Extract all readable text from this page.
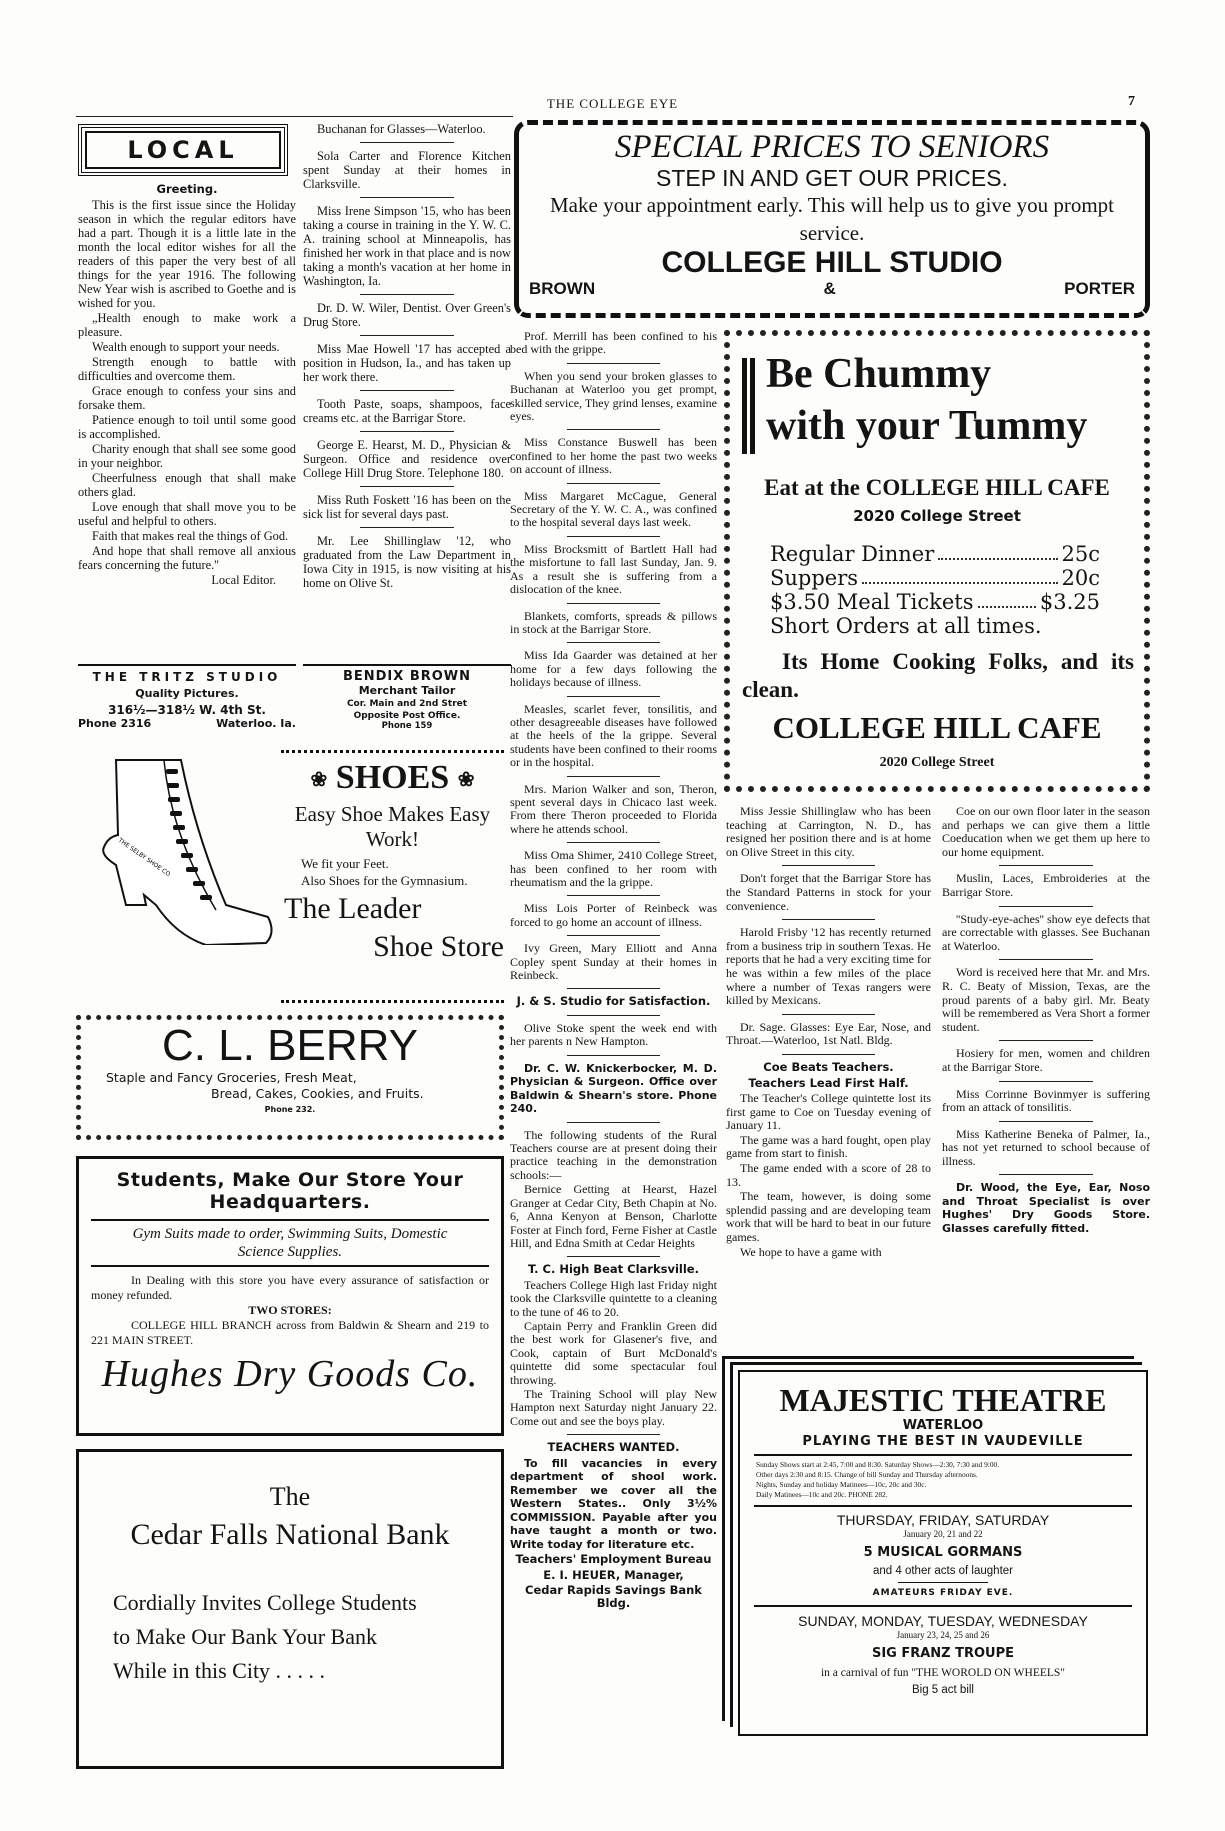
THE COLLEGE EYE	7
LOCAL

Greeting.

This is the first issue since the Holiday season in which the regular editors have had a part. Though it is a little late in the month the local editor wishes for all the readers of this paper the very best of all things for the year 1916. The following New Year wish is ascribed to Goethe and is wished for you.

„Health enough to make work a pleasure.

Wealth enough to support your needs.

Strength enough to battle with difficulties and overcome them.

Grace enough to confess your sins and forsake them.

Patience enough to toil until some good is accomplished.

Charity enough that shall see some good in your neighbor.

Cheerfulness enough that shall make others glad.

Love enough that shall move you to be useful and helpful to others.

Faith that makes real the things of God.

And hope that shall remove all anxious fears concerning the future.''

Local Editor.

Buchanan for Glasses—Waterloo.

Sola Carter and Florence Kitchen spent Sunday at their homes in Clarksville.

Miss Irene Simpson '15, who has been taking a course in training in the Y. W. C. A. training school at Minneapolis, has finished her work in that place and is now taking a month's vacation at her home in Washington, Ia.

Dr. D. W. Wiler, Dentist. Over Green's Drug Store.

Miss Mae Howell '17 has accepted a position in Hudson, Ia., and has taken up her work there.

Tooth Paste, soaps, shampoos, face creams etc. at the Barrigar Store.

George E. Hearst, M. D., Physician & Surgeon. Office and residence over College Hill Drug Store. Telephone 180.

Miss Ruth Foskett '16 has been on the sick list for several days past.

Mr. Lee Shillinglaw '12, who graduated from the Law Department in Iowa City in 1915, is now visiting at his home on Olive St.

THE TRITZ STUDIO
Quality Pictures.
316½—318½ W. 4th St.
Phone 2316	Waterloo. Ia.
BENDIX BROWN
Merchant Tailor
Cor. Main and 2nd Stret
Opposite Post Office.
Phone 159
THE SELBY SHOE CO
❀ SHOES ❀
Easy Shoe Makes Easy Work!
We fit your Feet.
Also Shoes for the Gymnasium.
The Leader
Shoe Store
C. L. BERRY
Staple and Fancy Groceries, Fresh Meat,
Bread, Cakes, Cookies, and Fruits.
Phone 232.
Students, Make Our Store Your Headquarters.
Gym Suits made to order, Swimming Suits, Domestic Science Supplies.
In Dealing with this store you have every assurance of satisfaction or money refunded.
TWO STORES:
COLLEGE HILL BRANCH across from Baldwin & Shearn and 219 to 221 MAIN STREET.
Hughes Dry Goods Co.
The
Cedar Falls National Bank
Cordially Invites College Students
to Make Our Bank Your Bank
While in this City . . . . .

Prof. Merrill has been confined to his bed with the grippe.

When you send your broken glasses to Buchanan at Waterloo you get prompt, skilled service, They grind lenses, examine eyes.

Miss Constance Buswell has been confined to her home the past two weeks on account of illness.

Miss Margaret McCague, General Secretary of the Y. W. C. A., was confined to the hospital several days last week.

Miss Brocksmitt of Bartlett Hall had the misfortune to fall last Sunday, Jan. 9. As a result she is suffering from a dislocation of the knee.

Blankets, comforts, spreads & pillows in stock at the Barrigar Store.

Miss Ida Gaarder was detained at her home for a few days following the holidays because of illness.

Measles, scarlet fever, tonsilitis, and other desagreeable diseases have followed at the heels of the la grippe. Several students have been confined to their rooms or in the hospital.

Mrs. Marion Walker and son, Theron, spent several days in Chicaco last week. From there Theron proceeded to Florida where he attends school.

Miss Oma Shimer, 2410 College Street, has been confined to her room with rheumatism and the la grippe.

Miss Lois Porter of Reinbeck was forced to go home an account of illness.

Ivy Green, Mary Elliott and Anna Copley spent Sunday at their homes in Reinbeck.

J. & S. Studio for Satisfaction.

Olive Stoke spent the week end with her parents n New Hampton.

Dr. C. W. Knickerbocker, M. D. Physician & Surgeon. Office over Baldwin & Shearn's store. Phone 240.

The following students of the Rural Teachers course are at present doing their practice teaching in the demonstration schools:—

Bernice Getting at Hearst, Hazel Granger at Cedar City, Beth Chapin at No. 6, Anna Kenyon at Benson, Charlotte Foster at Finch ford, Ferne Fisher at Castle Hill, and Edna Smith at Cedar Heights

T. C. High Beat Clarksville.

Teachers College High last Friday night took the Clarksville quintette to a cleaning to the tune of 46 to 20.

Captain Perry and Franklin Green did the best work for Glasener's five, and Cook, captain of Burt McDonald's quintette did some spectacular foul throwing.

The Training School will play New Hampton next Saturday night January 22. Come out and see the boys play.

TEACHERS WANTED.

To fill vacancies in every department of shool work. Remember we cover all the Western States.. Only 3½% COMMISSION. Payable after you have taught a month or two. Write today for literature etc.

Teachers' Employment Bureau

E. I. HEUER, Manager,

Cedar Rapids Savings Bank Bldg.

SPECIAL PRICES TO SENIORS
STEP IN AND GET OUR PRICES.
Make your appointment early. This will help us to give you prompt service.
COLLEGE HILL STUDIO
BROWN	&	PORTER
Be Chummy
with your Tummy
Eat at the COLLEGE HILL CAFE
2020 College Street
Regular Dinner	25c
Suppers	20c
$3.50 Meal Tickets	$3.25
Short Orders at all times.
Its Home Cooking Folks, and its clean.
COLLEGE HILL CAFE
2020 College Street

Miss Jessie Shillinglaw who has been teaching at Carrington, N. D., has resigned her position there and is at home on Olive Street in this city.

Don't forget that the Barrigar Store has the Standard Patterns in stock for your convenience.

Harold Frisby '12 has recently returned from a business trip in southern Texas. He reports that he had a very exciting time for he was within a few miles of the place where a number of Texas rangers were killed by Mexicans.

Dr. Sage. Glasses: Eye Ear, Nose, and Throat.—Waterloo, 1st Natl. Bldg.

Coe Beats Teachers.

Teachers Lead First Half.

The Teacher's College quintette lost its first game to Coe on Tuesday evening of January 11.

The game was a hard fought, open play game from start to finish.

The game ended with a score of 28 to 13.

The team, however, is doing some splendid passing and are developing team work that will be hard to beat in our future games.

We hope to have a game with

Coe on our own floor later in the season and perhaps we can give them a little Coeducation when we get them up here to our home equipment.

Muslin, Laces, Embroideries at the Barrigar Store.

''Study-eye-aches'' show eye defects that are correctable with glasses. See Buchanan at Waterloo.

Word is received here that Mr. and Mrs. R. C. Beaty of Mission, Texas, are the proud parents of a baby girl. Mr. Beaty will be remembered as Vera Short a former student.

Hosiery for men, women and children at the Barrigar Store.

Miss Corrinne Bovinmyer is suffering from an attack of tonsilitis.

Miss Katherine Beneka of Palmer, Ia., has not yet returned to school because of illness.

Dr. Wood, the Eye, Ear, Noso and Throat Specialist is over Hughes' Dry Goods Store. Glasses carefully fitted.

MAJESTIC THEATRE
WATERLOO
PLAYING THE BEST IN VAUDEVILLE
Sunday Shows start at 2:45, 7:00 and 8:30. Saturday Shows—2:30, 7:30 and 9:00.
Other days 2:30 and 8:15. Change of bill Sunday and Thursday afternoons.
Nights, Sunday and holiday Matinees—10c, 20c and 30c.
Daily Matinees—10c and 20c. PHONE 282.
THURSDAY, FRIDAY, SATURDAY
January 20, 21 and 22
5 MUSICAL GORMANS
and 4 other acts of laughter
AMATEURS FRIDAY EVE.
SUNDAY, MONDAY, TUESDAY, WEDNESDAY
January 23, 24, 25 and 26
SIG FRANZ TROUPE
in a carnival of fun "THE WOROLD ON WHEELS"
Big 5 act bill
